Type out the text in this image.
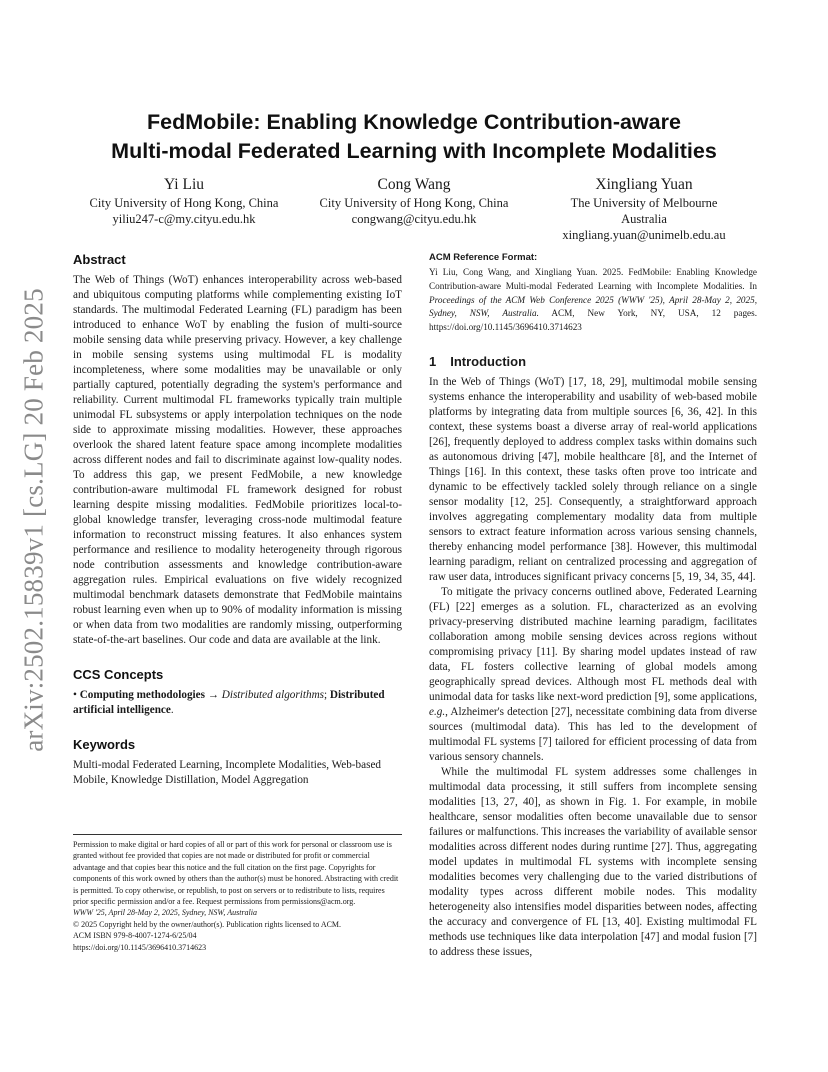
arXiv:2502.15839v1 [cs.LG] 20 Feb 2025
FedMobile: Enabling Knowledge Contribution-aware
Multi-modal Federated Learning with Incomplete Modalities
Yi Liu
City University of Hong Kong, China
yiliu247-c@my.cityu.edu.hk
Cong Wang
City University of Hong Kong, China
congwang@cityu.edu.hk
Xingliang Yuan
The University of Melbourne
Australia
xingliang.yuan@unimelb.edu.au
Abstract

The Web of Things (WoT) enhances interoperability across web-based and ubiquitous computing platforms while complementing existing IoT standards. The multimodal Federated Learning (FL) paradigm has been introduced to enhance WoT by enabling the fusion of multi-source mobile sensing data while preserving privacy. However, a key challenge in mobile sensing systems using multimodal FL is modality incompleteness, where some modalities may be unavailable or only partially captured, potentially degrading the system's performance and reliability. Current multimodal FL frameworks typically train multiple unimodal FL subsystems or apply interpolation techniques on the node side to approximate missing modalities. However, these approaches overlook the shared latent feature space among incomplete modalities across different nodes and fail to discriminate against low-quality nodes. To address this gap, we present FedMobile, a new knowledge contribution-aware multimodal FL framework designed for robust learning despite missing modalities. FedMobile prioritizes local-to-global knowledge transfer, leveraging cross-node multimodal feature information to reconstruct missing features. It also enhances system performance and resilience to modality heterogeneity through rigorous node contribution assessments and knowledge contribution-aware aggregation rules. Empirical evaluations on five widely recognized multimodal benchmark datasets demonstrate that FedMobile maintains robust learning even when up to 90% of modality information is missing or when data from two modalities are randomly missing, outperforming state-of-the-art baselines. Our code and data are available at the link.

CCS Concepts

• Computing methodologies → Distributed algorithms; Distributed artificial intelligence.

Keywords

Multi-modal Federated Learning, Incomplete Modalities, Web-based Mobile, Knowledge Distillation, Model Aggregation

Permission to make digital or hard copies of all or part of this work for personal or classroom use is granted without fee provided that copies are not made or distributed for profit or commercial advantage and that copies bear this notice and the full citation on the first page. Copyrights for components of this work owned by others than the author(s) must be honored. Abstracting with credit is permitted. To copy otherwise, or republish, to post on servers or to redistribute to lists, requires prior specific permission and/or a fee. Request permissions from permissions@acm.org.

WWW '25, April 28-May 2, 2025, Sydney, NSW, Australia

© 2025 Copyright held by the owner/author(s). Publication rights licensed to ACM.

ACM ISBN 979-8-4007-1274-6/25/04

https://doi.org/10.1145/3696410.3714623

ACM Reference Format:

Yi Liu, Cong Wang, and Xingliang Yuan. 2025. FedMobile: Enabling Knowledge Contribution-aware Multi-modal Federated Learning with Incomplete Modalities. In Proceedings of the ACM Web Conference 2025 (WWW '25), April 28-May 2, 2025, Sydney, NSW, Australia. ACM, New York, NY, USA, 12 pages. https://doi.org/10.1145/3696410.3714623

1 Introduction

In the Web of Things (WoT) [17, 18, 29], multimodal mobile sensing systems enhance the interoperability and usability of web-based mobile platforms by integrating data from multiple sources [6, 36, 42]. In this context, these systems boast a diverse array of real-world applications [26], frequently deployed to address complex tasks within domains such as autonomous driving [47], mobile healthcare [8], and the Internet of Things [16]. In this context, these tasks often prove too intricate and dynamic to be effectively tackled solely through reliance on a single sensor modality [12, 25]. Consequently, a straightforward approach involves aggregating complementary modality data from multiple sensors to extract feature information across various sensing channels, thereby enhancing model performance [38]. However, this multimodal learning paradigm, reliant on centralized processing and aggregation of raw user data, introduces significant privacy concerns [5, 19, 34, 35, 44].

To mitigate the privacy concerns outlined above, Federated Learning (FL) [22] emerges as a solution. FL, characterized as an evolving privacy-preserving distributed machine learning paradigm, facilitates collaboration among mobile sensing devices across regions without compromising privacy [11]. By sharing model updates instead of raw data, FL fosters collective learning of global models among geographically spread devices. Although most FL methods deal with unimodal data for tasks like next-word prediction [9], some applications, e.g., Alzheimer's detection [27], necessitate combining data from diverse sources (multimodal data). This has led to the development of multimodal FL systems [7] tailored for efficient processing of data from various sensory channels.

While the multimodal FL system addresses some challenges in multimodal data processing, it still suffers from incomplete sensing modalities [13, 27, 40], as shown in Fig. 1. For example, in mobile healthcare, sensor modalities often become unavailable due to sensor failures or malfunctions. This increases the variability of available sensor modalities across different nodes during runtime [27]. Thus, aggregating model updates in multimodal FL systems with incomplete sensing modalities becomes very challenging due to the varied distributions of modality types across different mobile nodes. This modality heterogeneity also intensifies model disparities between nodes, affecting the accuracy and convergence of FL [13, 40]. Existing multimodal FL methods use techniques like data interpolation [47] and modal fusion [7] to address these issues,
